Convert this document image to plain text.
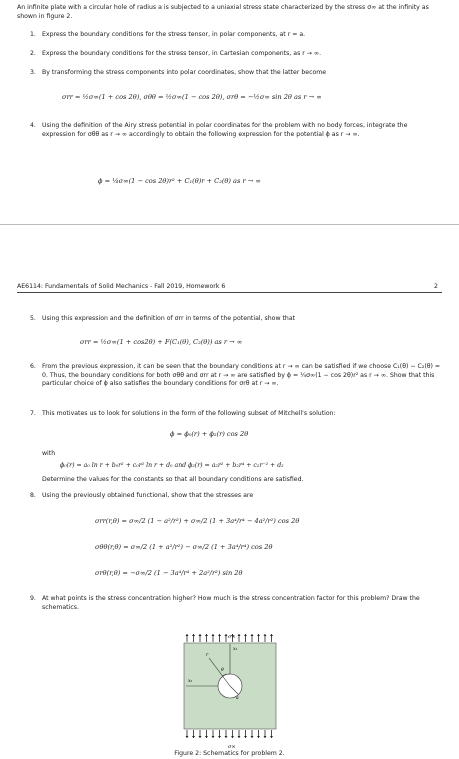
An infinite plate with a circular hole of radius a is subjected to a uniaxial stress state characterized by the stress σ∞ at the infinity as shown in figure 2.

1. Express the boundary conditions for the stress tensor, in polar components, at r = a.

2. Express the boundary conditions for the stress tensor, in Cartesian components, as r → ∞.

3. By transforming the stress components into polar coordinates, show that the latter become

σrr = ½σ∞(1 + cos 2θ), σθθ = ½σ∞(1 − cos 2θ), σrθ = −½σ∞ sin 2θ as r → ∞
4. Using the definition of the Airy stress potential in polar coordinates for the problem with no body forces, integrate the expression for σθθ as r → ∞ accordingly to obtain the following expression for the potential ϕ as r → ∞.

ϕ = ¼σ∞(1 − cos 2θ)r² + C₁(θ)r + C₂(θ) as r → ∞
AE6114: Fundamentals of Solid Mechanics - Fall 2019, Homework 6	2
5. Using this expression and the definition of σrr in terms of the potential, show that

σrr = ½σ∞(1 + cos2θ) + F(C₁(θ), C₂(θ)) as r → ∞
6. From the previous expression, it can be seen that the boundary conditions at r → ∞ can be satisfied if we choose C₁(θ) − C₂(θ) = 0. Thus, the boundary conditions for both σθθ and σrr at r → ∞ are satisfied by ϕ = ¼σ∞(1 − cos 2θ)r² as r → ∞. Show that this particular choice of ϕ also satisfies the boundary conditions for σrθ at r → ∞.

7. This motivates us to look for solutions in the form of the following subset of Mitchell's solution:

ϕ = ϕ₀(r) + ϕ₂(r) cos 2θ

with

ϕ₀(r) = a₀ ln r + b₀r² + c₀r² ln r + d₀ and ϕ₂(r) = a₂r² + b₂r⁴ + c₂r⁻² + d₂

Determine the values for the constants so that all boundary conditions are satisfied.

8. Using the previously obtained functional, show that the stresses are

σrr(r,θ) = σ∞/2 (1 − a²/r²) + σ∞/2 (1 + 3a⁴/r⁴ − 4a²/r²) cos 2θ
σθθ(r,θ) = σ∞/2 (1 + a²/r²) − σ∞/2 (1 + 3a⁴/r⁴) cos 2θ
σrθ(r,θ) = −σ∞/2 (1 − 3a⁴/r⁴ + 2a²/r²) sin 2θ
9. At what points is the stress concentration higher? How much is the stress concentration factor for this problem? Draw the schematics.

σ∞
σ∞
x₁
x₂
θ
r
a
Figure 2: Schematics for problem 2.
